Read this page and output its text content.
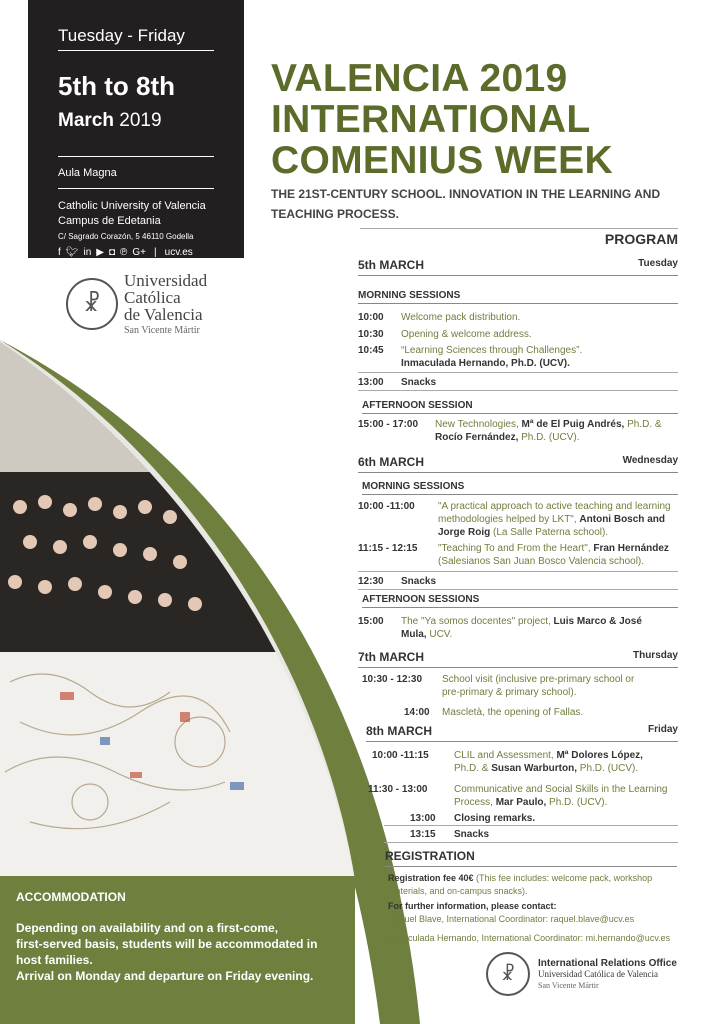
Tuesday - Friday
5th to 8th
March 2019
Aula Magna
Catholic University of Valencia
Campus de Edetania
C/ Sagrado Corazón, 5 46110 Godella
f 🐦︎ in ▶ ◘ ℗ G+ | ucv.es
☧
Universidad
Católica
de Valencia
San Vicente Mártir
VALENCIA 2019
INTERNATIONAL
COMENIUS WEEK
THE 21ST-CENTURY SCHOOL. INNOVATION IN THE LEARNING AND TEACHING PROCESS.
PROGRAM
5th MARCH	Tuesday
MORNING SESSIONS
10:00	Welcome pack distribution.
10:30	Opening & welcome address.
10:45	“Learning Sciences through Challenges”.
Inmaculada Hernando, Ph.D. (UCV).
13:00	Snacks
AFTERNOON SESSION
15:00 - 17:00	New Technologies, Mª de El Puig Andrés, Ph.D. &
Rocío Fernández, Ph.D. (UCV).
6th MARCH	Wednesday
MORNING SESSIONS
10:00 -11:00	"A practical approach to active teaching and learning
methodologies helped by LKT", Antoni Bosch and
Jorge Roig (La Salle Paterna school).
11:15 - 12:15	"Teaching To and From the Heart", Fran Hernández
(Salesianos San Juan Bosco Valencia school).
12:30	Snacks
AFTERNOON SESSIONS
15:00	The "Ya somos docentes" project, Luis Marco & José
Mula, UCV.
7th MARCH	Thursday
10:30 - 12:30	School visit (inclusive pre-primary school or
pre-primary & primary school).
14:00	Mascletà, the opening of Fallas.
8th MARCH	Friday
10:00 -11:15	CLIL and Assessment, Mª Dolores López,
Ph.D. & Susan Warburton, Ph.D. (UCV).
11:30 - 13:00	Communicative and Social Skills in the Learning
Process, Mar Paulo, Ph.D. (UCV).
13:00	Closing remarks.
13:15	Snacks
REGISTRATION
Registration fee 40€ (This fee includes: welcome pack, workshop
materials, and on-campus snacks).
For further information, please contact:
Raquel Blave, International Coordinator: raquel.blave@ucv.es
Inmaculada Hernando, International Coordinator: mi.hernando@ucv.es
☧
International Relations Office
Universidad Católica de Valencia
San Vicente Mártir
ACCOMMODATION
Depending on availability and on a first-come,
first-served basis, students will be accommodated in
host families.
Arrival on Monday and departure on Friday evening.
